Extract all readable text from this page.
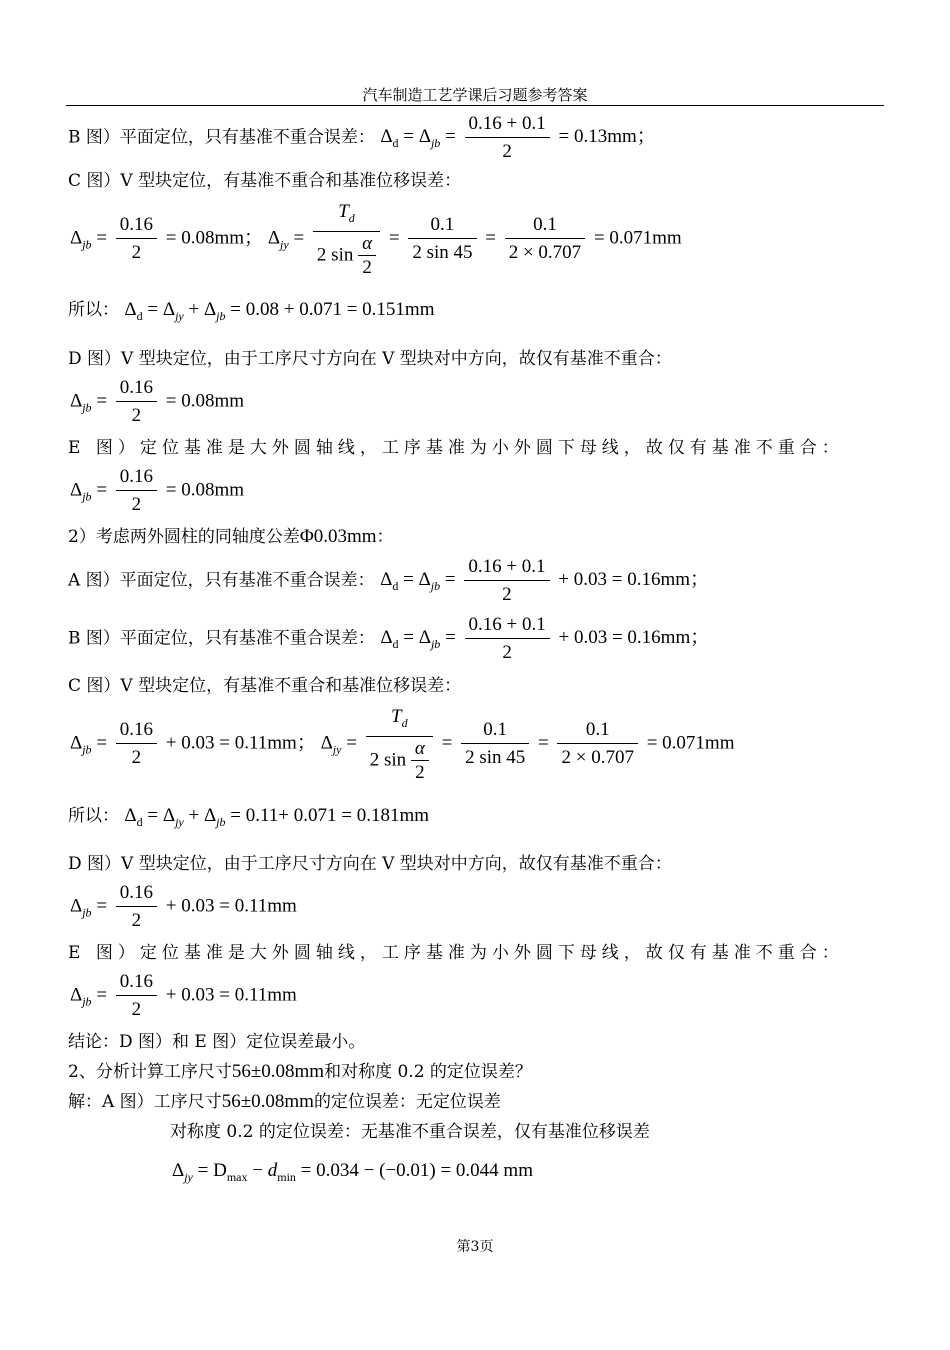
汽车制造工艺学课后习题参考答案
B 图）平面定位，只有基准不重合误差： $\Delta_d = \Delta_{jb} = \frac{0.16 + 0.1}{2} = 0.13mm$；
C 图）V 型块定位，有基准不重合和基准位移误差：
$\Delta_{jb} = \frac{0.16}{2} = 0.08mm$； $\Delta_{jy} = \frac{T_d}{2 \sin \frac{\alpha}{2}} = \frac{0.1}{2 \sin 45} = \frac{0.1}{2 \times 0.707} = 0.071mm$
所以： $\Delta_d = \Delta_{jy} + \Delta_{jb} = 0.08 + 0.071 = 0.151mm$
D 图）V 型块定位，由于工序尺寸方向在 V 型块对中方向，故仅有基准不重合：
$\Delta_{jb} = \frac{0.16}{2} = 0.08mm$
E 图）定位基准是大外圆轴线，工序基准为小外圆下母线，故仅有基准不重合：
$\Delta_{jb} = \frac{0.16}{2} = 0.08mm$
2）考虑两外圆柱的同轴度公差Φ0.03mm：
A 图）平面定位，只有基准不重合误差： $\Delta_d = \Delta_{jb} = \frac{0.16 + 0.1}{2} + 0.03 = 0.16mm$；
B 图）平面定位，只有基准不重合误差： $\Delta_d = \Delta_{jb} = \frac{0.16 + 0.1}{2} + 0.03 = 0.16mm$；
C 图）V 型块定位，有基准不重合和基准位移误差：
$\Delta_{jb} = \frac{0.16}{2} + 0.03 = 0.11mm$； $\Delta_{jy} = \frac{T_d}{2 \sin \frac{\alpha}{2}} = \frac{0.1}{2 \sin 45} = \frac{0.1}{2 \times 0.707} = 0.071mm$
所以： $\Delta_d = \Delta_{jy} + \Delta_{jb} = 0.11+ 0.071 = 0.181mm$
D 图）V 型块定位，由于工序尺寸方向在 V 型块对中方向，故仅有基准不重合：
$\Delta_{jb} = \frac{0.16}{2} + 0.03 = 0.11mm$
E 图）定位基准是大外圆轴线，工序基准为小外圆下母线，故仅有基准不重合：
$\Delta_{jb} = \frac{0.16}{2} + 0.03 = 0.11mm$
结论：D 图）和 E 图）定位误差最小。
2、分析计算工序尺寸56±0.08mm和对称度 0.2 的定位误差？
解：A 图）工序尺寸56±0.08mm的定位误差：无定位误差
对称度 0.2 的定位误差：无基准不重合误差，仅有基准位移误差
$\Delta_{jy} = D_{max} - d_{min} = 0.034 - (-0.01) = 0.044$ mm
第3页
